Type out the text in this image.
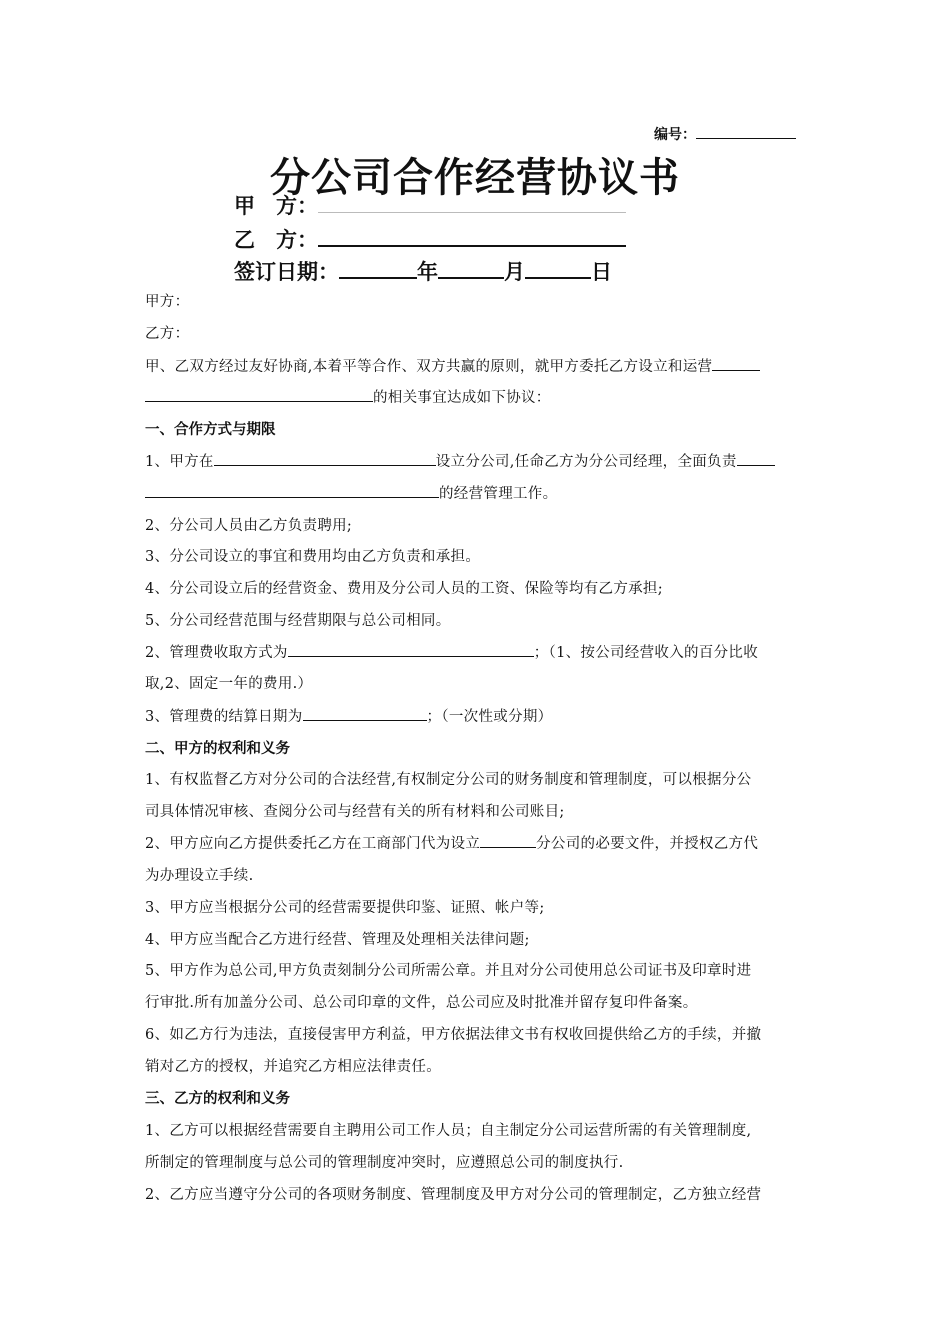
编号：
分公司合作经营协议书
甲　方：
乙　方：
签订日期：	年	月	日
甲方：
乙方：
甲、乙双方经过友好协商,本着平等合作、双方共赢的原则，就甲方委托乙方设立和运营
的相关事宜达成如下协议：
一、合作方式与期限
1、甲方在	设立分公司,任命乙方为分公司经理，全面负责
的经营管理工作。
2、分公司人员由乙方负责聘用;
3、分公司设立的事宜和费用均由乙方负责和承担。
4、分公司设立后的经营资金、费用及分公司人员的工资、保险等均有乙方承担;
5、分公司经营范围与经营期限与总公司相同。
2、管理费收取方式为	；（1、按公司经营收入的百分比收
取,2、固定一年的费用.）
3、管理费的结算日期为	；（一次性或分期）
二、甲方的权利和义务
1、有权监督乙方对分公司的合法经营,有权制定分公司的财务制度和管理制度，可以根据分公
司具体情况审核、查阅分公司与经营有关的所有材料和公司账目;
2、甲方应向乙方提供委托乙方在工商部门代为设立	分公司的必要文件，并授权乙方代
为办理设立手续.
3、甲方应当根据分公司的经营需要提供印鉴、证照、帐户等;
4、甲方应当配合乙方进行经营、管理及处理相关法律问题;
5、甲方作为总公司,甲方负责刻制分公司所需公章。并且对分公司使用总公司证书及印章时进
行审批.所有加盖分公司、总公司印章的文件，总公司应及时批准并留存复印件备案。
6、如乙方行为违法，直接侵害甲方利益，甲方依据法律文书有权收回提供给乙方的手续，并撤
销对乙方的授权，并追究乙方相应法律责任。
三、乙方的权利和义务
1、乙方可以根据经营需要自主聘用公司工作人员；自主制定分公司运营所需的有关管理制度,
所制定的管理制度与总公司的管理制度冲突时，应遵照总公司的制度执行.
2、乙方应当遵守分公司的各项财务制度、管理制度及甲方对分公司的管理制定，乙方独立经营
